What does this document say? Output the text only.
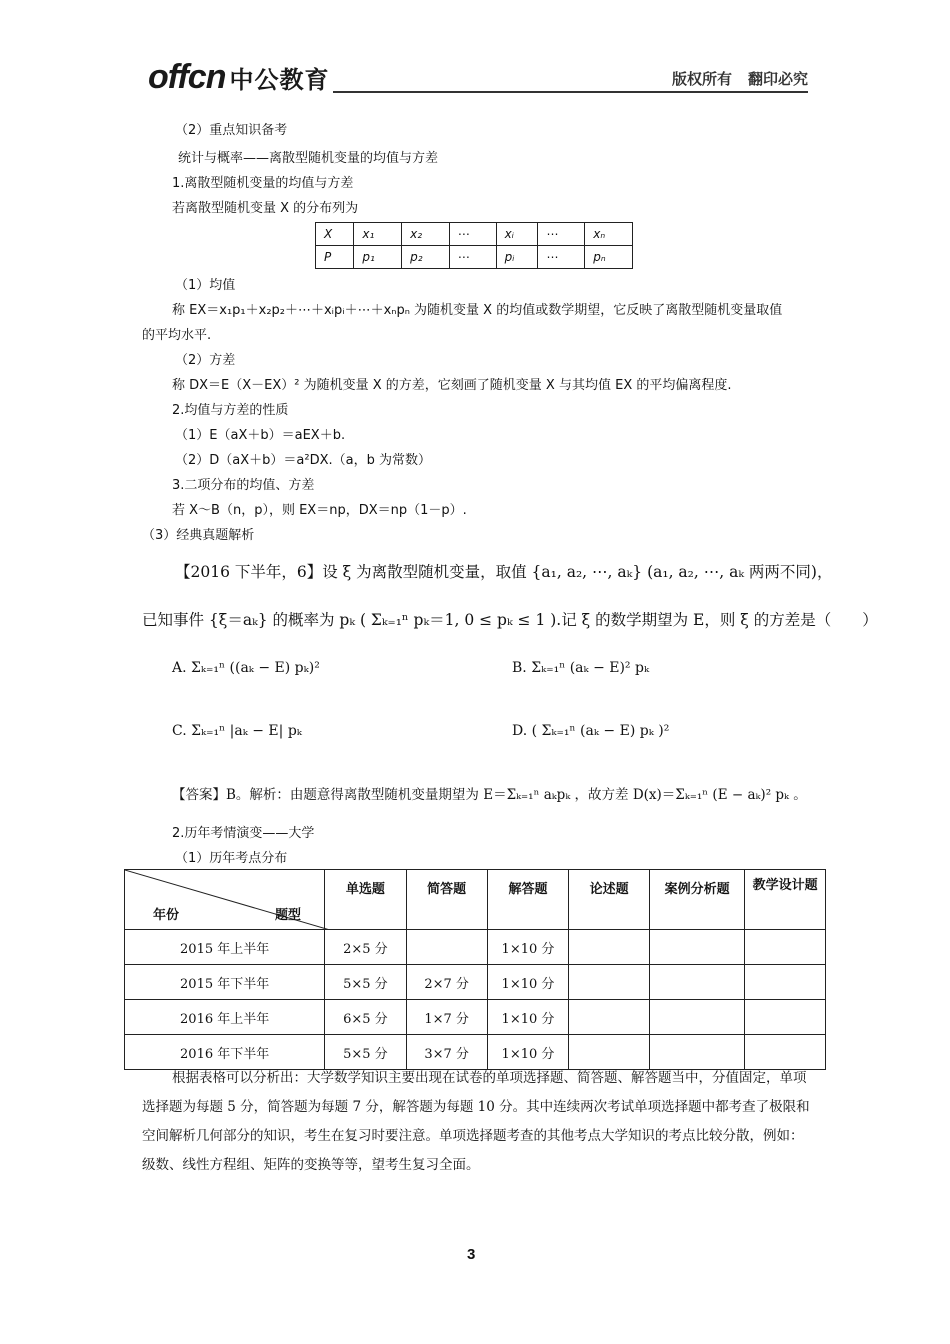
offcn 中公教育	版权所有 翻印必究
（2）重点知识备考
统计与概率——离散型随机变量的均值与方差
1.离散型随机变量的均值与方差
若离散型随机变量 X 的分布列为
X	x₁	x₂	⋯	xᵢ	⋯	xₙ
P	p₁	p₂	⋯	pᵢ	⋯	pₙ
（1）均值
称 EX＝x₁p₁＋x₂p₂＋⋯＋xᵢpᵢ＋⋯＋xₙpₙ 为随机变量 X 的均值或数学期望，它反映了离散型随机变量取值
的平均水平.
（2）方差
称 DX＝E（X－EX）² 为随机变量 X 的方差，它刻画了随机变量 X 与其均值 EX 的平均偏离程度.
2.均值与方差的性质
（1）E（aX＋b）＝aEX＋b.
（2）D（aX＋b）＝a²DX.（a，b 为常数）
3.二项分布的均值、方差
若 X～B（n，p），则 EX＝np，DX＝np（1－p）.
（3）经典真题解析
【2016 下半年，6】设 ξ 为离散型随机变量，取值 {a₁, a₂, ⋯, aₖ} (a₁, a₂, ⋯, aₖ 两两不同)，
已知事件 {ξ＝aₖ} 的概率为 pₖ ( Σₖ₌₁ⁿ pₖ＝1, 0 ≤ pₖ ≤ 1 ).记 ξ 的数学期望为 E，则 ξ 的方差是（　　）
A. Σₖ₌₁ⁿ ((aₖ − E) pₖ)²	B. Σₖ₌₁ⁿ (aₖ − E)² pₖ
C. Σₖ₌₁ⁿ |aₖ − E| pₖ	D. ( Σₖ₌₁ⁿ (aₖ − E) pₖ )²
【答案】B。解析：由题意得离散型随机变量期望为 E＝Σₖ₌₁ⁿ aₖpₖ ，故方差 D(x)＝Σₖ₌₁ⁿ (E − aₖ)² pₖ 。
2.历年考情演变——大学
（1）历年考点分布
年份 题型	单选题	简答题	解答题	论述题	案例分析题	教学设计题
2015 年上半年	2×5 分		1×10 分			
2015 年下半年	5×5 分	2×7 分	1×10 分			
2016 年上半年	6×5 分	1×7 分	1×10 分			
2016 年下半年	5×5 分	3×7 分	1×10 分			
根据表格可以分析出：大学数学知识主要出现在试卷的单项选择题、简答题、解答题当中，分值固定，单项选择题为每题 5 分，简答题为每题 7 分，解答题为每题 10 分。其中连续两次考试单项选择题中都考查了极限和空间解析几何部分的知识，考生在复习时要注意。单项选择题考查的其他考点大学知识的考点比较分散，例如：级数、线性方程组、矩阵的变换等等，望考生复习全面。
3
